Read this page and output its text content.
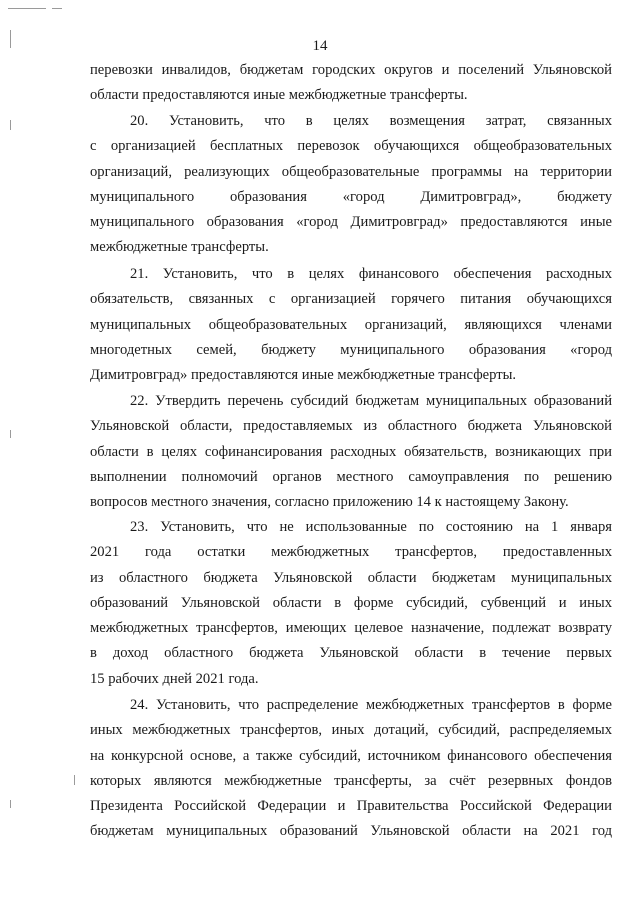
14
перевозки инвалидов, бюджетам городских округов и поселений Ульяновской
области предоставляются иные межбюджетные трансферты.
20. Установить, что в целях возмещения затрат, связанных
с организацией бесплатных перевозок обучающихся общеобразовательных
организаций, реализующих общеобразовательные программы на территории
муниципального образования «город Димитровград», бюджету
муниципального образования «город Димитровград» предоставляются иные
межбюджетные трансферты.
21. Установить, что в целях финансового обеспечения расходных
обязательств, связанных с организацией горячего питания обучающихся
муниципальных общеобразовательных организаций, являющихся членами
многодетных семей, бюджету муниципального образования «город
Димитровград» предоставляются иные межбюджетные трансферты.
22. Утвердить перечень субсидий бюджетам муниципальных образований
Ульяновской области, предоставляемых из областного бюджета Ульяновской
области в целях софинансирования расходных обязательств, возникающих при
выполнении полномочий органов местного самоуправления по решению
вопросов местного значения, согласно приложению 14 к настоящему Закону.
23. Установить, что не использованные по состоянию на 1 января
2021 года остатки межбюджетных трансфертов, предоставленных
из областного бюджета Ульяновской области бюджетам муниципальных
образований Ульяновской области в форме субсидий, субвенций и иных
межбюджетных трансфертов, имеющих целевое назначение, подлежат возврату
в доход областного бюджета Ульяновской области в течение первых
15 рабочих дней 2021 года.
24. Установить, что распределение межбюджетных трансфертов в форме
иных межбюджетных трансфертов, иных дотаций, субсидий, распределяемых
на конкурсной основе, а также субсидий, источником финансового обеспечения
которых являются межбюджетные трансферты, за счёт резервных фондов
Президента Российской Федерации и Правительства Российской Федерации
бюджетам муниципальных образований Ульяновской области на 2021 год
